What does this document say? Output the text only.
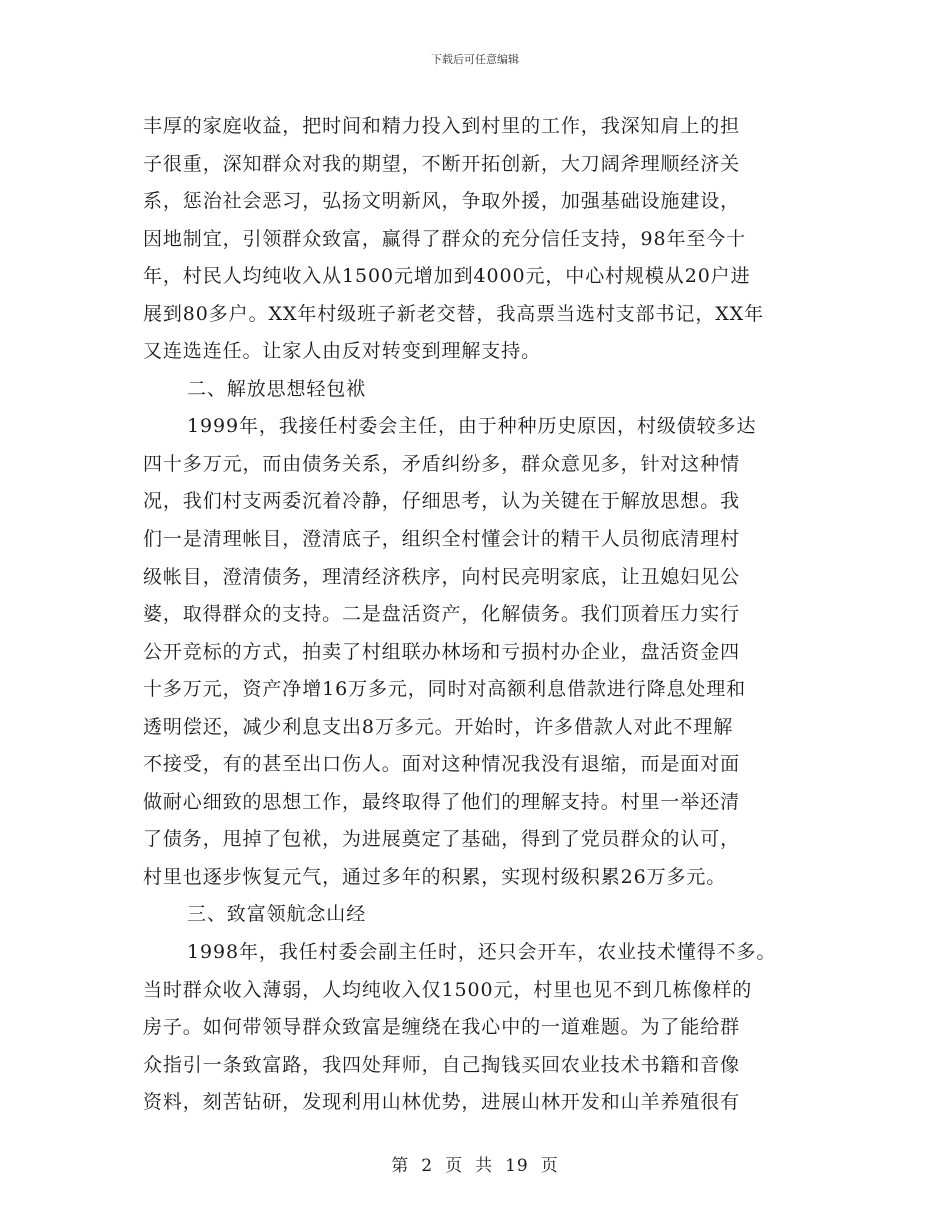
下载后可任意编辑
丰厚的家庭收益，把时间和精力投入到村里的工作，我深知肩上的担
子很重，深知群众对我的期望，不断开拓创新，大刀阔斧理顺经济关
系，惩治社会恶习，弘扬文明新风，争取外援，加强基础设施建设，
因地制宜，引领群众致富，赢得了群众的充分信任支持，98年至今十
年，村民人均纯收入从1500元增加到4000元，中心村规模从20户进
展到80多户。XX年村级班子新老交替，我高票当选村支部书记，XX年
又连选连任。让家人由反对转变到理解支持。
二、解放思想轻包袱
1999年，我接任村委会主任，由于种种历史原因，村级债较多达
四十多万元，而由债务关系，矛盾纠纷多，群众意见多，针对这种情
况，我们村支两委沉着冷静，仔细思考，认为关键在于解放思想。我
们一是清理帐目，澄清底子，组织全村懂会计的精干人员彻底清理村
级帐目，澄清债务，理清经济秩序，向村民亮明家底，让丑媳妇见公
婆，取得群众的支持。二是盘活资产，化解债务。我们顶着压力实行
公开竞标的方式，拍卖了村组联办林场和亏损村办企业，盘活资金四
十多万元，资产净增16万多元，同时对高额利息借款进行降息处理和
透明偿还，减少利息支出8万多元。开始时，许多借款人对此不理解
不接受，有的甚至出口伤人。面对这种情况我没有退缩，而是面对面
做耐心细致的思想工作，最终取得了他们的理解支持。村里一举还清
了债务，甩掉了包袱，为进展奠定了基础，得到了党员群众的认可，
村里也逐步恢复元气，通过多年的积累，实现村级积累26万多元。
三、致富领航念山经
1998年，我任村委会副主任时，还只会开车，农业技术懂得不多。
当时群众收入薄弱，人均纯收入仅1500元，村里也见不到几栋像样的
房子。如何带领导群众致富是缠绕在我心中的一道难题。为了能给群
众指引一条致富路，我四处拜师，自己掏钱买回农业技术书籍和音像
资料，刻苦钻研，发现利用山林优势，进展山林开发和山羊养殖很有
第 2 页 共 19 页
